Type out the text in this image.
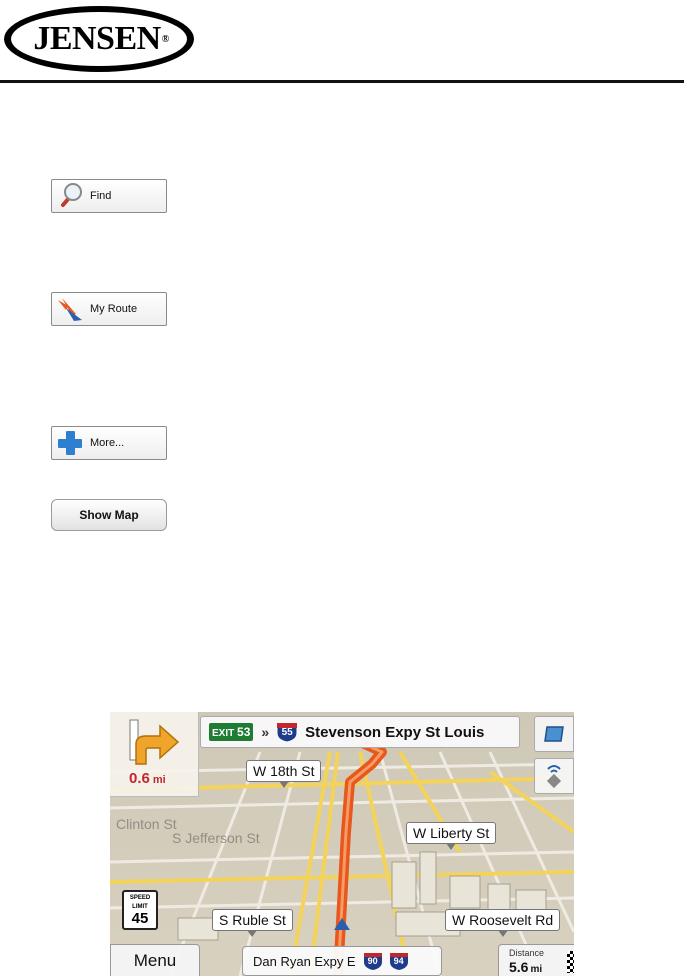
JENSEN ®
Find
My Route
More...
Show Map
0.6 mi
EXIT 53 »	55 Stevenson Expy St Louis
Clinton St
S Jefferson St
W 18th St
W Liberty St
S Ruble St	W Roosevelt Rd
SPEED
LIMIT
45
Menu	Dan Ryan Expy E	90	94
Distance
5.6 mi
